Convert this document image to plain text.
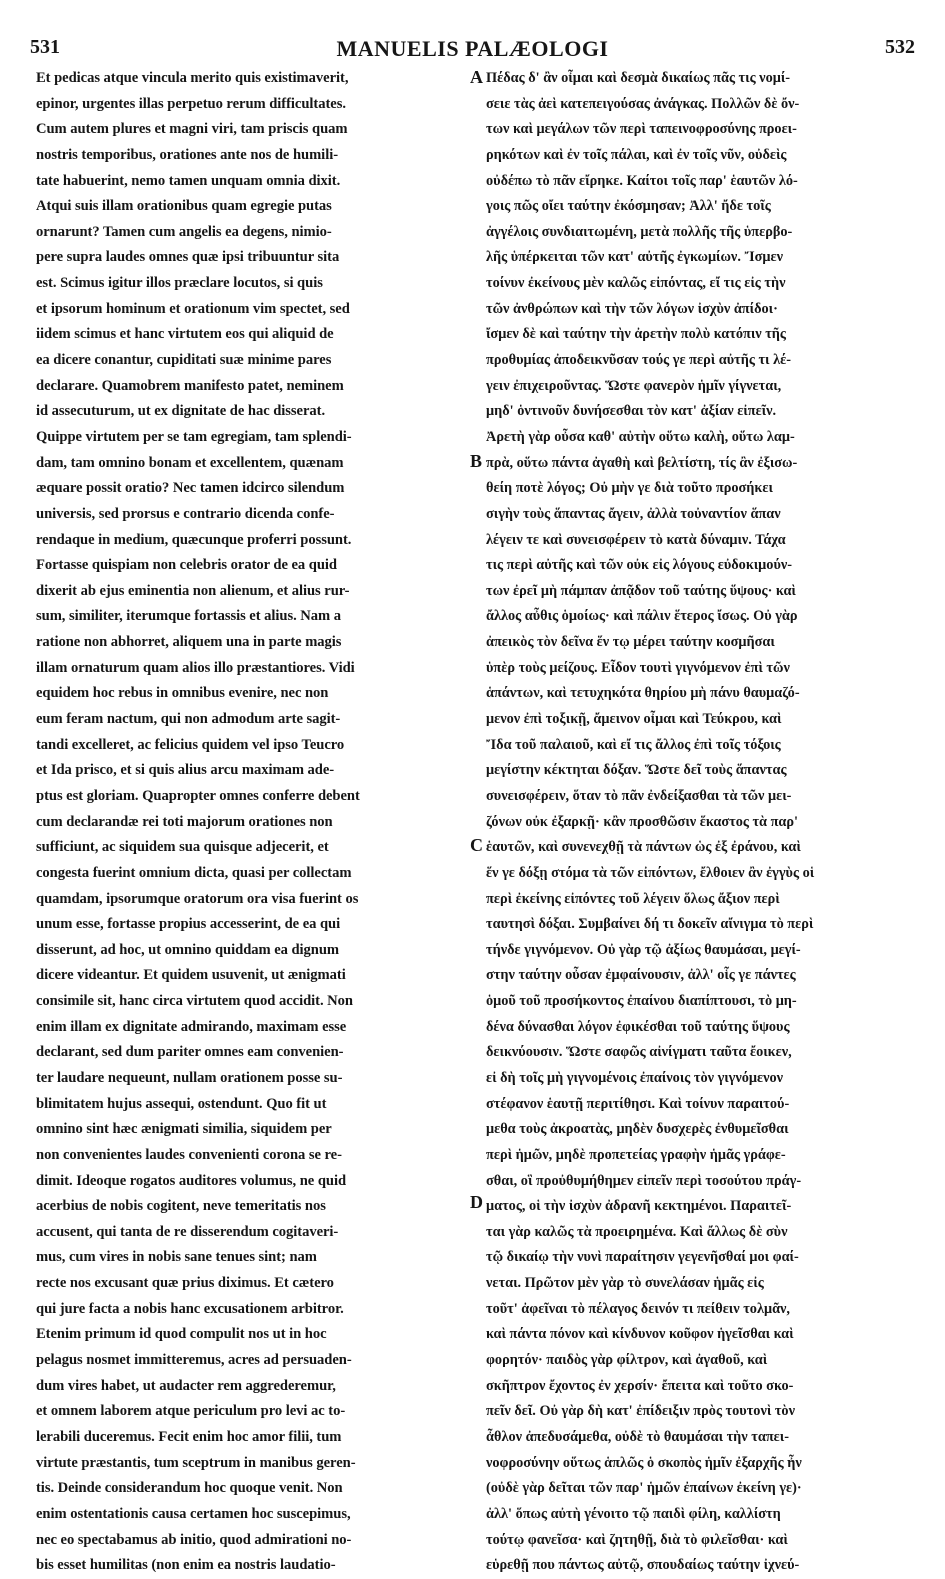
531	MANUELIS PALÆOLOGI	532
Et pedicas atque vincula merito quis existimaverit,
epinor, urgentes illas perpetuo rerum difficultates.
Cum autem plures et magni viri, tam priscis quam
nostris temporibus, orationes ante nos de humili-
tate habuerint, nemo tamen unquam omnia dixit.
Atqui suis illam orationibus quam egregie putas
ornarunt? Tamen cum angelis ea degens, nimio-
pere supra laudes omnes quæ ipsi tribuuntur sita
est. Scimus igitur illos præclare locutos, si quis
et ipsorum hominum et orationum vim spectet, sed
iidem scimus et hanc virtutem eos qui aliquid de
ea dicere conantur, cupiditati suæ minime pares
declarare. Quamobrem manifesto patet, neminem
id assecuturum, ut ex dignitate de hac disserat.
Quippe virtutem per se tam egregiam, tam splendi-
dam, tam omnino bonam et excellentem, quænam
æquare possit oratio? Nec tamen idcirco silendum
universis, sed prorsus e contrario dicenda confe-
rendaque in medium, quæcunque proferri possunt.
Fortasse quispiam non celebris orator de ea quid
dixerit ab ejus eminentia non alienum, et alius rur-
sum, similiter, iterumque fortassis et alius. Nam a
ratione non abhorret, aliquem una in parte magis
illam ornaturum quam alios illo præstantiores. Vidi
equidem hoc rebus in omnibus evenire, nec non
eum feram nactum, qui non admodum arte sagit-
tandi excelleret, ac felicius quidem vel ipso Teucro
et Ida prisco, et si quis alius arcu maximam ade-
ptus est gloriam. Quapropter omnes conferre debent
cum declarandæ rei toti majorum orationes non
sufficiunt, ac siquidem sua quisque adjecerit, et
congesta fuerint omnium dicta, quasi per collectam
quamdam, ipsorumque oratorum ora visa fuerint os
unum esse, fortasse propius accesserint, de ea qui
disserunt, ad hoc, ut omnino quiddam ea dignum
dicere videantur. Et quidem usuvenit, ut ænigmati
consimile sit, hanc circa virtutem quod accidit. Non
enim illam ex dignitate admirando, maximam esse
declarant, sed dum pariter omnes eam convenien-
ter laudare nequeunt, nullam orationem posse su-
blimitatem hujus assequi, ostendunt. Quo fit ut
omnino sint hæc ænigmati similia, siquidem per
non convenientes laudes convenienti corona se re-
dimit. Ideoque rogatos auditores volumus, ne quid
acerbius de nobis cogitent, neve temeritatis nos
accusent, qui tanta de re disserendum cogitaveri-
mus, cum vires in nobis sane tenues sint; nam
recte nos excusant quæ prius diximus. Et cætero
qui jure facta a nobis hanc excusationem arbitror.
Etenim primum id quod compulit nos ut in hoc
pelagus nosmet immitteremus, acres ad persuaden-
dum vires habet, ut audacter rem aggrederemur,
et omnem laborem atque periculum pro levi ac to-
lerabili duceremus. Fecit enim hoc amor filii, tum
virtute præstantis, tum sceptrum in manibus geren-
tis. Deinde considerandum hoc quoque venit. Non
enim ostentationis causa certamen hoc suscepimus,
nec eo spectabamus ab initio, quod admirationi no-
bis esset humilitas (non enim ea nostris laudatio-
Πέδας δ' ἂν οἶμαι καὶ δεσμὰ δικαίως πᾶς τις νομί-
σειε τὰς ἀεὶ κατεπειγούσας ἀνάγκας. Πολλῶν δὲ ὄν-
των καὶ μεγάλων τῶν περὶ ταπεινοφροσύνης προει-
ρηκότων καὶ ἐν τοῖς πάλαι, καὶ ἐν τοῖς νῦν, οὐδεὶς
οὐδέπω τὸ πᾶν εἴρηκε. Καίτοι τοῖς παρ' ἑαυτῶν λό-
γοις πῶς οἴει ταύτην ἐκόσμησαν; Ἀλλ' ἤδε τοῖς
ἀγγέλοις συνδιαιτωμένη, μετὰ πολλῆς τῆς ὑπερβο-
λῆς ὑπέρκειται τῶν κατ' αὐτῆς ἐγκωμίων. Ἴσμεν
τοίνυν ἐκείνους μὲν καλῶς εἰπόντας, εἴ τις εἰς τὴν
τῶν ἀνθρώπων καὶ τὴν τῶν λόγων ἰσχὺν ἀπίδοι·
ἴσμεν δὲ καὶ ταύτην τὴν ἀρετὴν πολὺ κατόπιν τῆς
προθυμίας ἀποδεικνῦσαν τούς γε περὶ αὐτῆς τι λέ-
γειν ἐπιχειροῦντας. Ὥστε φανερὸν ἡμῖν γίγνεται,
μηδ' ὁντινοῦν δυνήσεσθαι τὸν κατ' ἀξίαν εἰπεῖν.
Ἀρετὴ γὰρ οὖσα καθ' αὑτὴν οὕτω καλὴ, οὕτω λαμ-
πρὰ, οὕτω πάντα ἀγαθὴ καὶ βελτίστη, τίς ἂν ἐξισω-
θείη ποτὲ λόγος; Οὐ μὴν γε διὰ τοῦτο προσήκει
σιγὴν τοὺς ἅπαντας ἄγειν, ἀλλὰ τοὐναντίον ἅπαν
λέγειν τε καὶ συνεισφέρειν τὸ κατὰ δύναμιν. Τάχα
τις περὶ αὐτῆς καὶ τῶν οὐκ εἰς λόγους εὐδοκιμούν-
των ἐρεῖ μὴ πάμπαν ἀπᾷδον τοῦ ταύτης ὕψους· καὶ
ἄλλος αὖθις ὁμοίως· καὶ πάλιν ἕτερος ἴσως. Οὐ γὰρ
ἀπεικὸς τὸν δεῖνα ἕν τῳ μέρει ταύτην κοσμῆσαι
ὑπὲρ τοὺς μείζους. Εἶδον τουτὶ γιγνόμενον ἐπὶ τῶν
ἁπάντων, καὶ τετυχηκότα θηρίου μὴ πάνυ θαυμαζό-
μενον ἐπὶ τοξικῇ, ἄμεινον οἶμαι καὶ Τεύκρου, καὶ
Ἴδα τοῦ παλαιοῦ, καὶ εἴ τις ἄλλος ἐπὶ τοῖς τόξοις
μεγίστην κέκτηται δόξαν. Ὥστε δεῖ τοὺς ἅπαντας
συνεισφέρειν, ὅταν τὸ πᾶν ἐνδείξασθαι τὰ τῶν μει-
ζόνων οὐκ ἐξαρκῇ· κἂν προσθῶσιν ἕκαστος τὰ παρ'
ἑαυτῶν, καὶ συνενεχθῇ τὰ πάντων ὡς ἐξ ἐράνου, καὶ
ἕν γε δόξῃ στόμα τὰ τῶν εἰπόντων, ἔλθοιεν ἂν ἐγγὺς οἱ
περὶ ἐκείνης εἰπόντες τοῦ λέγειν ὅλως ἄξιον περὶ
ταυτησὶ δόξαι. Συμβαίνει δή τι δοκεῖν αἴνιγμα τὸ περὶ
τήνδε γιγνόμενον. Οὐ γὰρ τῷ ἀξίως θαυμάσαι, μεγί-
στην ταύτην οὖσαν ἐμφαίνουσιν, ἀλλ' οἷς γε πάντες
ὁμοῦ τοῦ προσήκοντος ἐπαίνου διαπίπτουσι, τὸ μη-
δένα δύνασθαι λόγον ἐφικέσθαι τοῦ ταύτης ὕψους
δεικνύουσιν. Ὥστε σαφῶς αἰνίγματι ταῦτα ἔοικεν,
εἰ δὴ τοῖς μὴ γιγνομένοις ἐπαίνοις τὸν γιγνόμενον
στέφανον ἑαυτῇ περιτίθησι. Καὶ τοίνυν παραιτού-
μεθα τοὺς ἀκροατὰς, μηδὲν δυσχερὲς ἐνθυμεῖσθαι
περὶ ἡμῶν, μηδὲ προπετείας γραφὴν ἡμᾶς γράφε-
σθαι, οἳ προὐθυμήθημεν εἰπεῖν περὶ τοσούτου πράγ-
ματος, οἱ τὴν ἰσχὺν ἀδρανῆ κεκτημένοι. Παραιτεῖ-
ται γὰρ καλῶς τὰ προειρημένα. Καὶ ἄλλως δὲ σὺν
τῷ δικαίῳ τὴν νυνὶ παραίτησιν γεγενῆσθαί μοι φαί-
νεται. Πρῶτον μὲν γὰρ τὸ συνελάσαν ἡμᾶς εἰς
τοῦτ' ἀφεῖναι τὸ πέλαγος δεινόν τι πείθειν τολμᾶν,
καὶ πάντα πόνον καὶ κίνδυνον κοῦφον ἡγεῖσθαι καὶ
φορητόν· παιδὸς γὰρ φίλτρον, καὶ ἀγαθοῦ, καὶ
σκῆπτρον ἔχοντος ἐν χερσίν· ἔπειτα καὶ τοῦτο σκο-
πεῖν δεῖ. Οὐ γὰρ δὴ κατ' ἐπίδειξιν πρὸς τουτονὶ τὸν
ἆθλον ἀπεδυσάμεθα, οὐδὲ τὸ θαυμάσαι τὴν ταπει-
νοφροσύνην οὕτως ἁπλῶς ὁ σκοπὸς ἡμῖν ἐξαρχῆς ἦν
(οὐδὲ γὰρ δεῖται τῶν παρ' ἡμῶν ἐπαίνων ἐκείνη γε)·
ἀλλ' ὅπως αὐτὴ γένοιτο τῷ παιδὶ φίλη, καλλίστη
τούτῳ φανεῖσα· καὶ ζητηθῇ, διὰ τὸ φιλεῖσθαι· καὶ
εὑρεθῇ που πάντως αὐτῷ, σπουδαίως ταύτην ἰχνεύ-
A
B
C
D
